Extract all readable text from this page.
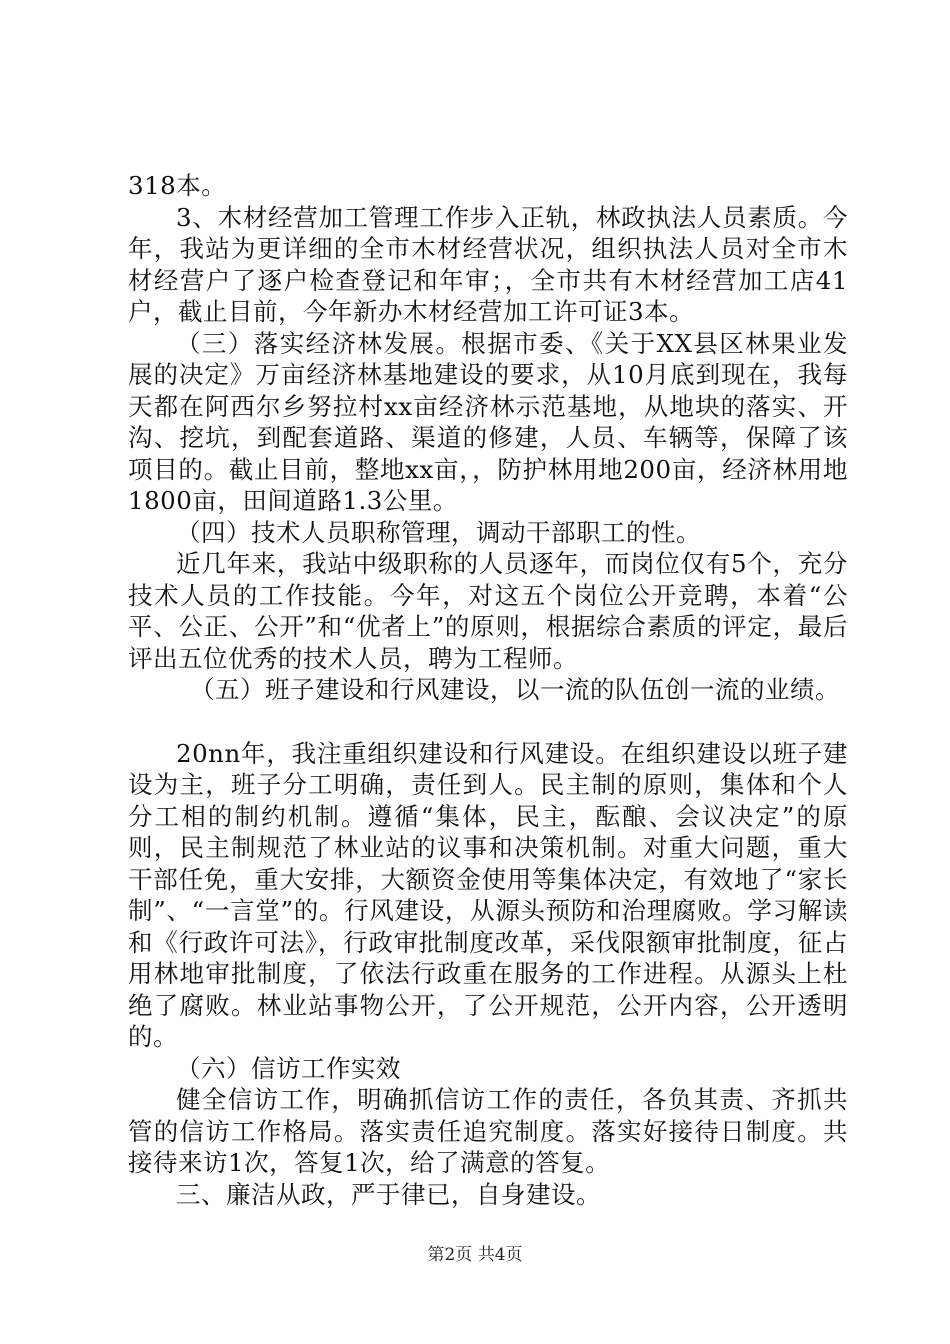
318本。

3、木材经营加工管理工作步入正轨，林政执法人员素质。今年，我站为更详细的全市木材经营状况，组织执法人员对全市木材经营户了逐户检查登记和年审；，全市共有木材经营加工店41户，截止目前，今年新办木材经营加工许可证3本。

（三）落实经济林发展。根据市委、《关于XX县区林果业发展的决定》万亩经济林基地建设的要求，从10月底到现在，我每天都在阿西尔乡努拉村xx亩经济林示范基地，从地块的落实、开沟、挖坑，到配套道路、渠道的修建，人员、车辆等，保障了该项目的。截止目前，整地xx亩，，防护林用地200亩，经济林用地1800亩，田间道路1.3公里。

（四）技术人员职称管理，调动干部职工的性。

近几年来，我站中级职称的人员逐年，而岗位仅有5个，充分技术人员的工作技能。今年，对这五个岗位公开竞聘，本着“公平、公正、公开”和“优者上”的原则，根据综合素质的评定，最后评出五位优秀的技术人员，聘为工程师。

（五）班子建设和行风建设，以一流的队伍创一流的业绩。

20nn年，我注重组织建设和行风建设。在组织建设以班子建设为主，班子分工明确，责任到人。民主制的原则，集体和个人分工相的制约机制。遵循“集体，民主，酝酿、会议决定”的原则，民主制规范了林业站的议事和决策机制。对重大问题，重大干部任免，重大安排，大额资金使用等集体决定，有效地了“家长制”、“一言堂”的。行风建设，从源头预防和治理腐败。学习解读和《行政许可法》，行政审批制度改革，采伐限额审批制度，征占用林地审批制度，了依法行政重在服务的工作进程。从源头上杜绝了腐败。林业站事物公开，了公开规范，公开内容，公开透明的。

（六）信访工作实效

健全信访工作，明确抓信访工作的责任，各负其责、齐抓共管的信访工作格局。落实责任追究制度。落实好接待日制度。共接待来访1次，答复1次，给了满意的答复。

三、廉洁从政，严于律已，自身建设。

第2页 共4页
